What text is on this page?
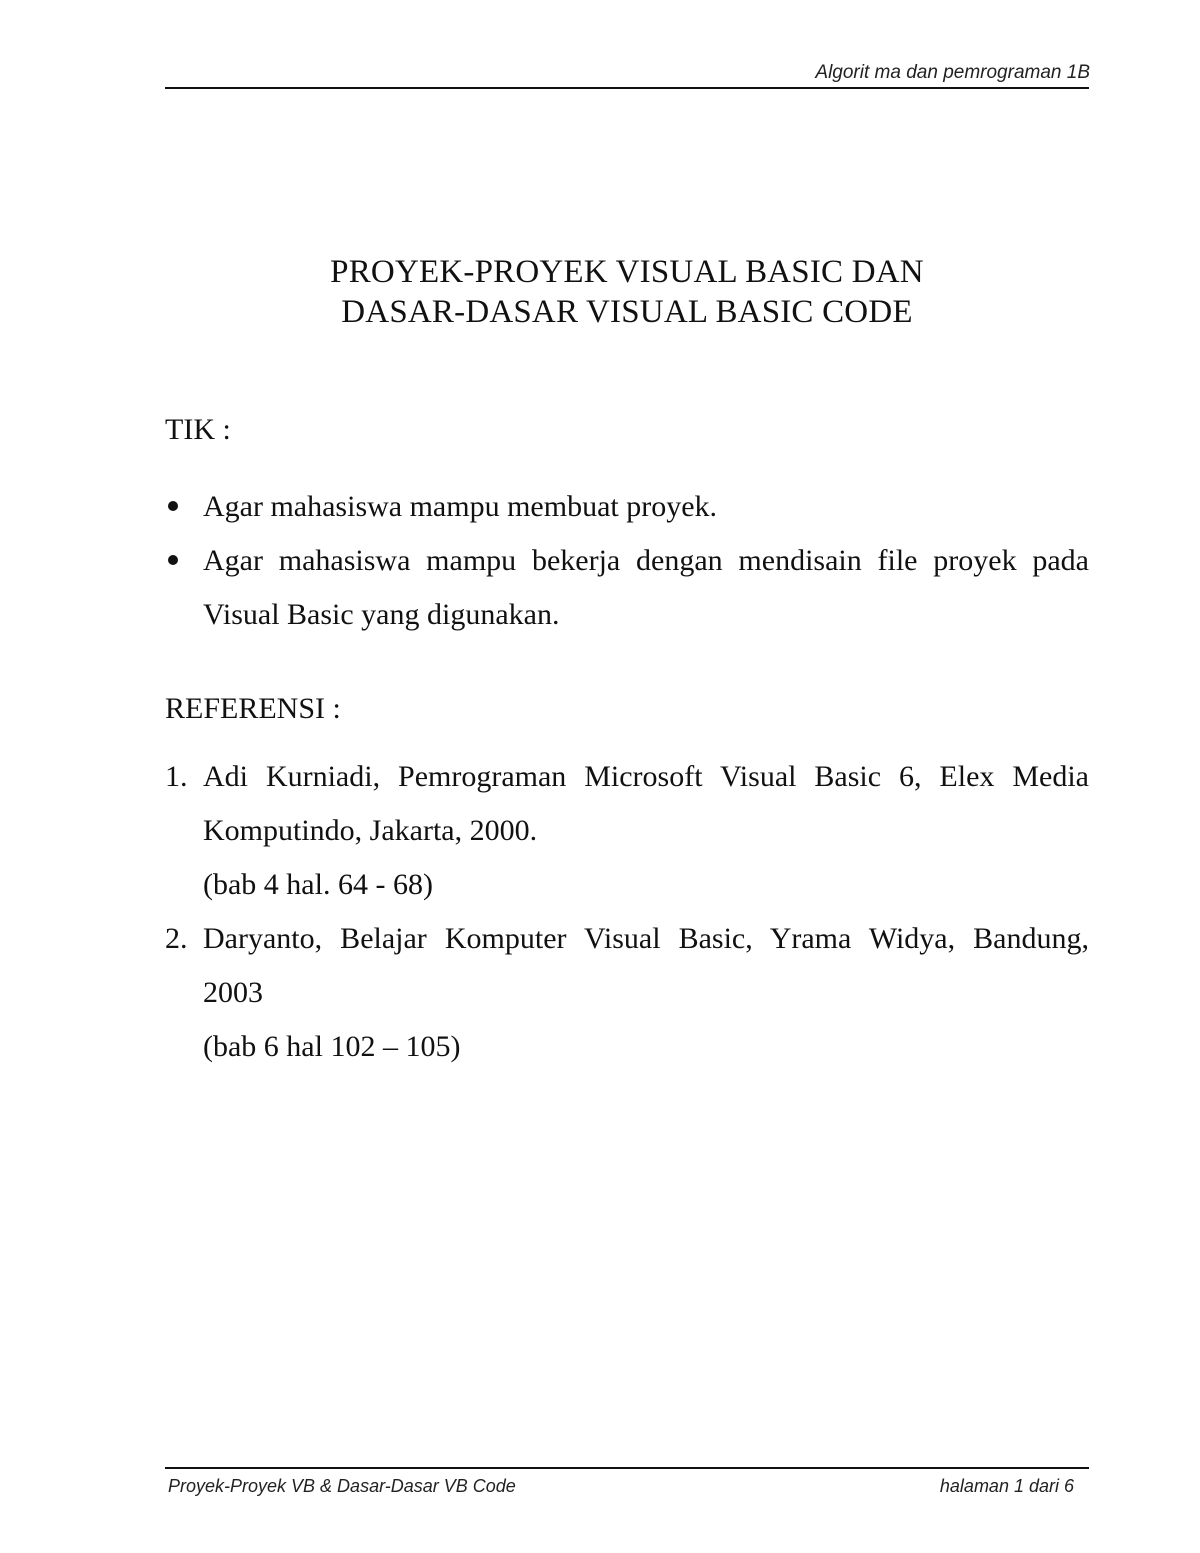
Algorit ma dan pemrograman 1B
PROYEK-PROYEK VISUAL BASIC DAN
DASAR-DASAR VISUAL BASIC CODE
TIK :
Agar mahasiswa mampu membuat proyek.
Agar mahasiswa mampu bekerja dengan mendisain file proyek pada
Visual Basic yang digunakan.
REFERENSI :
1. Adi Kurniadi, Pemrograman Microsoft Visual Basic 6, Elex Media
Komputindo, Jakarta, 2000.
(bab 4 hal. 64 - 68)
2. Daryanto, Belajar Komputer Visual Basic, Yrama Widya, Bandung,
2003
(bab 6 hal 102 – 105)
Proyek-Proyek VB & Dasar-Dasar VB Code	halaman 1 dari 6
